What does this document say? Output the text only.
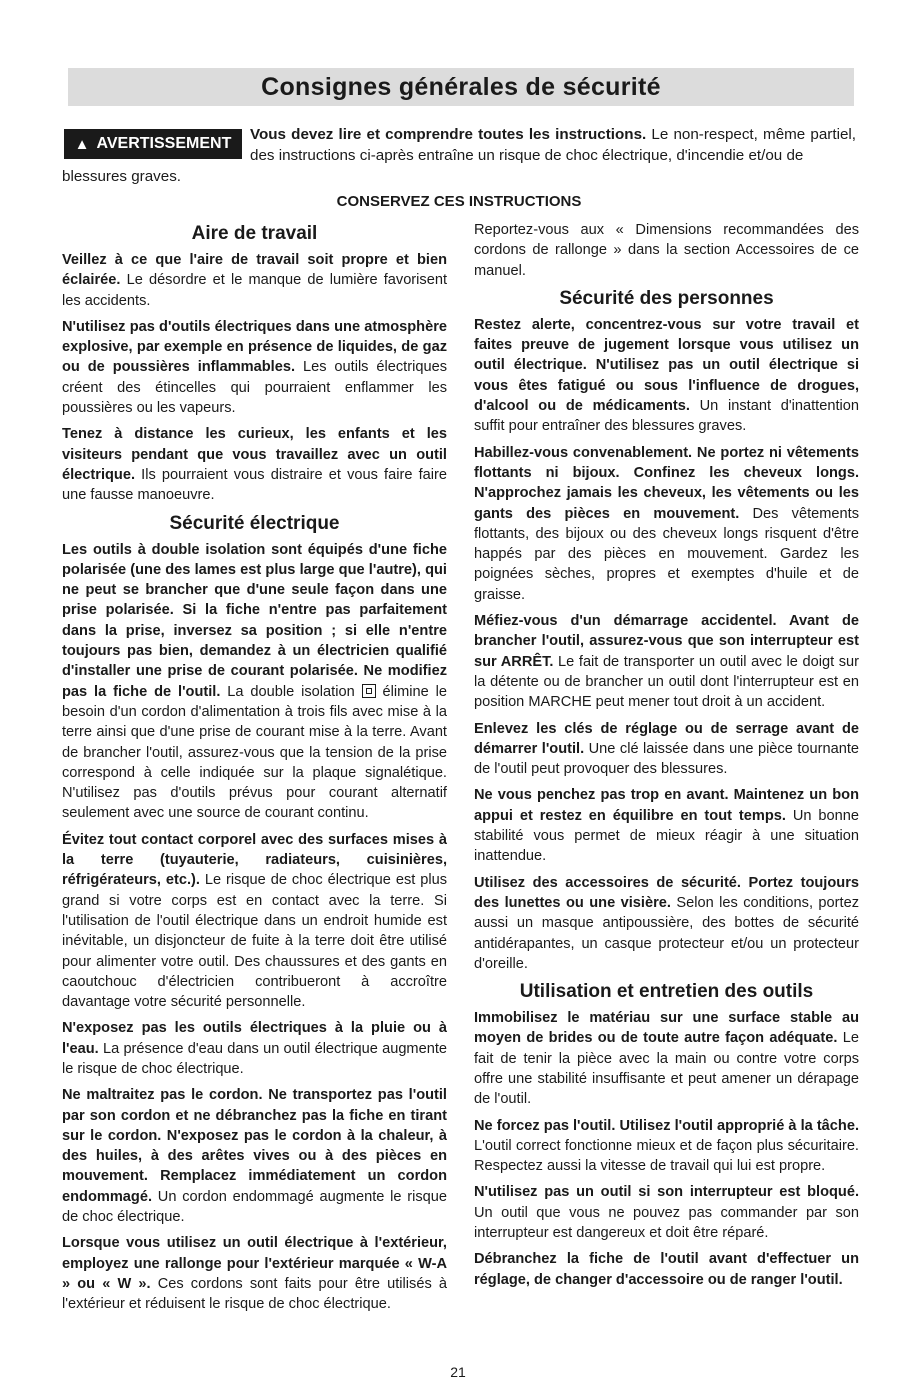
Consignes générales de sécurité
▲ AVERTISSEMENT
Vous devez lire et comprendre toutes les instructions. Le non-respect, même partiel, des instructions ci-après entraîne un risque de choc électrique, d'incendie et/ou de
blessures graves.
CONSERVEZ CES INSTRUCTIONS
Aire de travail

Veillez à ce que l'aire de travail soit propre et bien éclairée. Le désordre et le manque de lumière favorisent les accidents.

N'utilisez pas d'outils électriques dans une atmosphère explosive, par exemple en présence de liquides, de gaz ou de poussières inflammables. Les outils électriques créent des étincelles qui pourraient enflammer les poussières ou les vapeurs.

Tenez à distance les curieux, les enfants et les visiteurs pendant que vous travaillez avec un outil électrique. Ils pourraient vous distraire et vous faire faire une fausse manoeuvre.

Sécurité électrique

Les outils à double isolation sont équipés d'une fiche polarisée (une des lames est plus large que l'autre), qui ne peut se brancher que d'une seule façon dans une prise polarisée. Si la fiche n'entre pas parfaitement dans la prise, inversez sa position ; si elle n'entre toujours pas bien, demandez à un électricien qualifié d'installer une prise de courant polarisée. Ne modifiez pas la fiche de l'outil. La double isolation  élimine le besoin d'un cordon d'alimentation à trois fils avec mise à la terre ainsi que d'une prise de courant mise à la terre. Avant de brancher l'outil, assurez-vous que la tension de la prise correspond à celle indiquée sur la plaque signalétique. N'utilisez pas d'outils prévus pour courant alternatif seulement avec une source de courant continu.

Évitez tout contact corporel avec des surfaces mises à la terre (tuyauterie, radiateurs, cuisinières, réfrigérateurs, etc.). Le risque de choc électrique est plus grand si votre corps est en contact avec la terre. Si l'utilisation de l'outil électrique dans un endroit humide est inévitable, un disjoncteur de fuite à la terre doit être utilisé pour alimenter votre outil. Des chaussures et des gants en caoutchouc d'électricien contribueront à accroître davantage votre sécurité personnelle.

N'exposez pas les outils électriques à la pluie ou à l'eau. La présence d'eau dans un outil électrique augmente le risque de choc électrique.

Ne maltraitez pas le cordon. Ne transportez pas l'outil par son cordon et ne débranchez pas la fiche en tirant sur le cordon. N'exposez pas le cordon à la chaleur, à des huiles, à des arêtes vives ou à des pièces en mouvement. Remplacez immédiatement un cordon endommagé. Un cordon endommagé augmente le risque de choc électrique.

Lorsque vous utilisez un outil électrique à l'extérieur, employez une rallonge pour l'extérieur marquée « W-A » ou « W ». Ces cordons sont faits pour être utilisés à l'extérieur et réduisent le risque de choc électrique.

Reportez-vous aux « Dimensions recommandées des cordons de rallonge » dans la section Accessoires de ce manuel.

Sécurité des personnes

Restez alerte, concentrez-vous sur votre travail et faites preuve de jugement lorsque vous utilisez un outil électrique. N'utilisez pas un outil électrique si vous êtes fatigué ou sous l'influence de drogues, d'alcool ou de médicaments. Un instant d'inattention suffit pour entraîner des blessures graves.

Habillez-vous convenablement. Ne portez ni vêtements flottants ni bijoux. Confinez les cheveux longs. N'approchez jamais les cheveux, les vêtements ou les gants des pièces en mouvement. Des vêtements flottants, des bijoux ou des cheveux longs risquent d'être happés par des pièces en mouvement. Gardez les poignées sèches, propres et exemptes d'huile et de graisse.

Méfiez-vous d'un démarrage accidentel. Avant de brancher l'outil, assurez-vous que son interrupteur est sur ARRÊT. Le fait de transporter un outil avec le doigt sur la détente ou de brancher un outil dont l'interrupteur est en position MARCHE peut mener tout droit à un accident.

Enlevez les clés de réglage ou de serrage avant de démarrer l'outil. Une clé laissée dans une pièce tournante de l'outil peut provoquer des blessures.

Ne vous penchez pas trop en avant. Maintenez un bon appui et restez en équilibre en tout temps. Un bonne stabilité vous permet de mieux réagir à une situation inattendue.

Utilisez des accessoires de sécurité. Portez toujours des lunettes ou une visière. Selon les conditions, portez aussi un masque antipoussière, des bottes de sécurité antidérapantes, un casque protecteur et/ou un protecteur d'oreille.

Utilisation et entretien des outils

Immobilisez le matériau sur une surface stable au moyen de brides ou de toute autre façon adéquate. Le fait de tenir la pièce avec la main ou contre votre corps offre une stabilité insuffisante et peut amener un dérapage de l'outil.

Ne forcez pas l'outil. Utilisez l'outil approprié à la tâche. L'outil correct fonctionne mieux et de façon plus sécuritaire. Respectez aussi la vitesse de travail qui lui est propre.

N'utilisez pas un outil si son interrupteur est bloqué. Un outil que vous ne pouvez pas commander par son interrupteur est dangereux et doit être réparé.

Débranchez la fiche de l'outil avant d'effectuer un réglage, de changer d'accessoire ou de ranger l'outil.

21
